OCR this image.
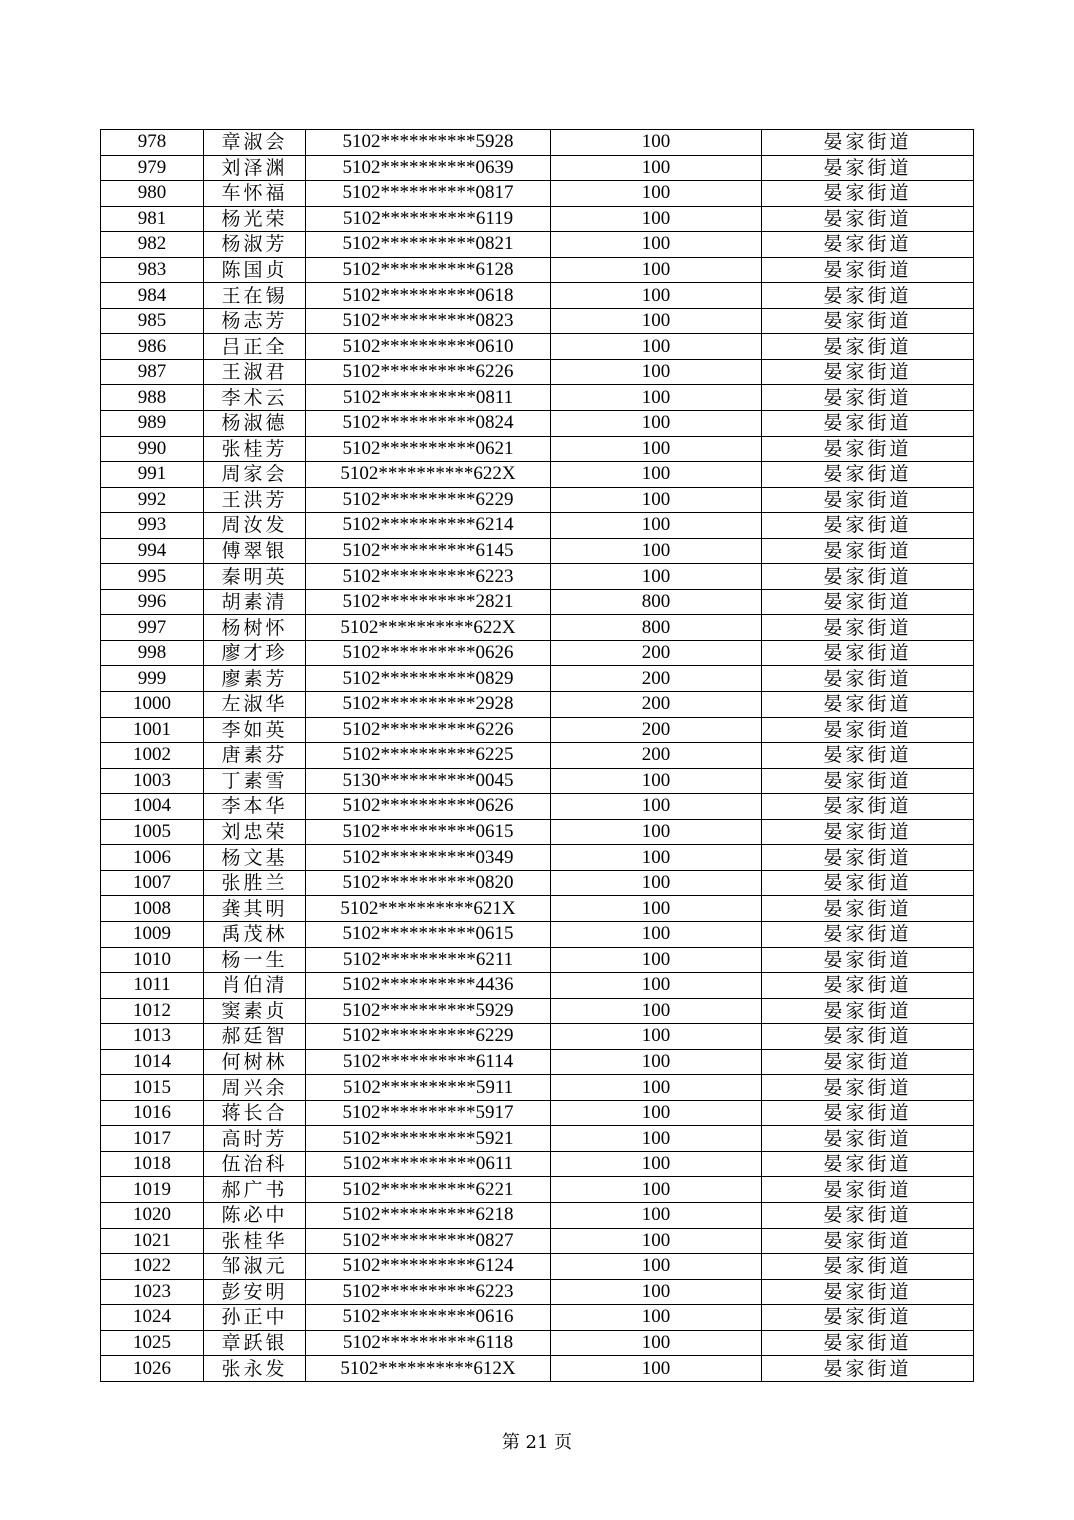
978	章淑会	5102**********5928	100	晏家街道
979	刘泽渊	5102**********0639	100	晏家街道
980	车怀福	5102**********0817	100	晏家街道
981	杨光荣	5102**********6119	100	晏家街道
982	杨淑芳	5102**********0821	100	晏家街道
983	陈国贞	5102**********6128	100	晏家街道
984	王在锡	5102**********0618	100	晏家街道
985	杨志芳	5102**********0823	100	晏家街道
986	吕正全	5102**********0610	100	晏家街道
987	王淑君	5102**********6226	100	晏家街道
988	李术云	5102**********0811	100	晏家街道
989	杨淑德	5102**********0824	100	晏家街道
990	张桂芳	5102**********0621	100	晏家街道
991	周家会	5102**********622X	100	晏家街道
992	王洪芳	5102**********6229	100	晏家街道
993	周汝发	5102**********6214	100	晏家街道
994	傅翠银	5102**********6145	100	晏家街道
995	秦明英	5102**********6223	100	晏家街道
996	胡素清	5102**********2821	800	晏家街道
997	杨树怀	5102**********622X	800	晏家街道
998	廖才珍	5102**********0626	200	晏家街道
999	廖素芳	5102**********0829	200	晏家街道
1000	左淑华	5102**********2928	200	晏家街道
1001	李如英	5102**********6226	200	晏家街道
1002	唐素芬	5102**********6225	200	晏家街道
1003	丁素雪	5130**********0045	100	晏家街道
1004	李本华	5102**********0626	100	晏家街道
1005	刘忠荣	5102**********0615	100	晏家街道
1006	杨文基	5102**********0349	100	晏家街道
1007	张胜兰	5102**********0820	100	晏家街道
1008	龚其明	5102**********621X	100	晏家街道
1009	禹茂林	5102**********0615	100	晏家街道
1010	杨一生	5102**********6211	100	晏家街道
1011	肖伯清	5102**********4436	100	晏家街道
1012	窦素贞	5102**********5929	100	晏家街道
1013	郝廷智	5102**********6229	100	晏家街道
1014	何树林	5102**********6114	100	晏家街道
1015	周兴余	5102**********5911	100	晏家街道
1016	蒋长合	5102**********5917	100	晏家街道
1017	高时芳	5102**********5921	100	晏家街道
1018	伍治科	5102**********0611	100	晏家街道
1019	郝广书	5102**********6221	100	晏家街道
1020	陈必中	5102**********6218	100	晏家街道
1021	张桂华	5102**********0827	100	晏家街道
1022	邹淑元	5102**********6124	100	晏家街道
1023	彭安明	5102**********6223	100	晏家街道
1024	孙正中	5102**********0616	100	晏家街道
1025	章跃银	5102**********6118	100	晏家街道
1026	张永发	5102**********612X	100	晏家街道
第 21 页
